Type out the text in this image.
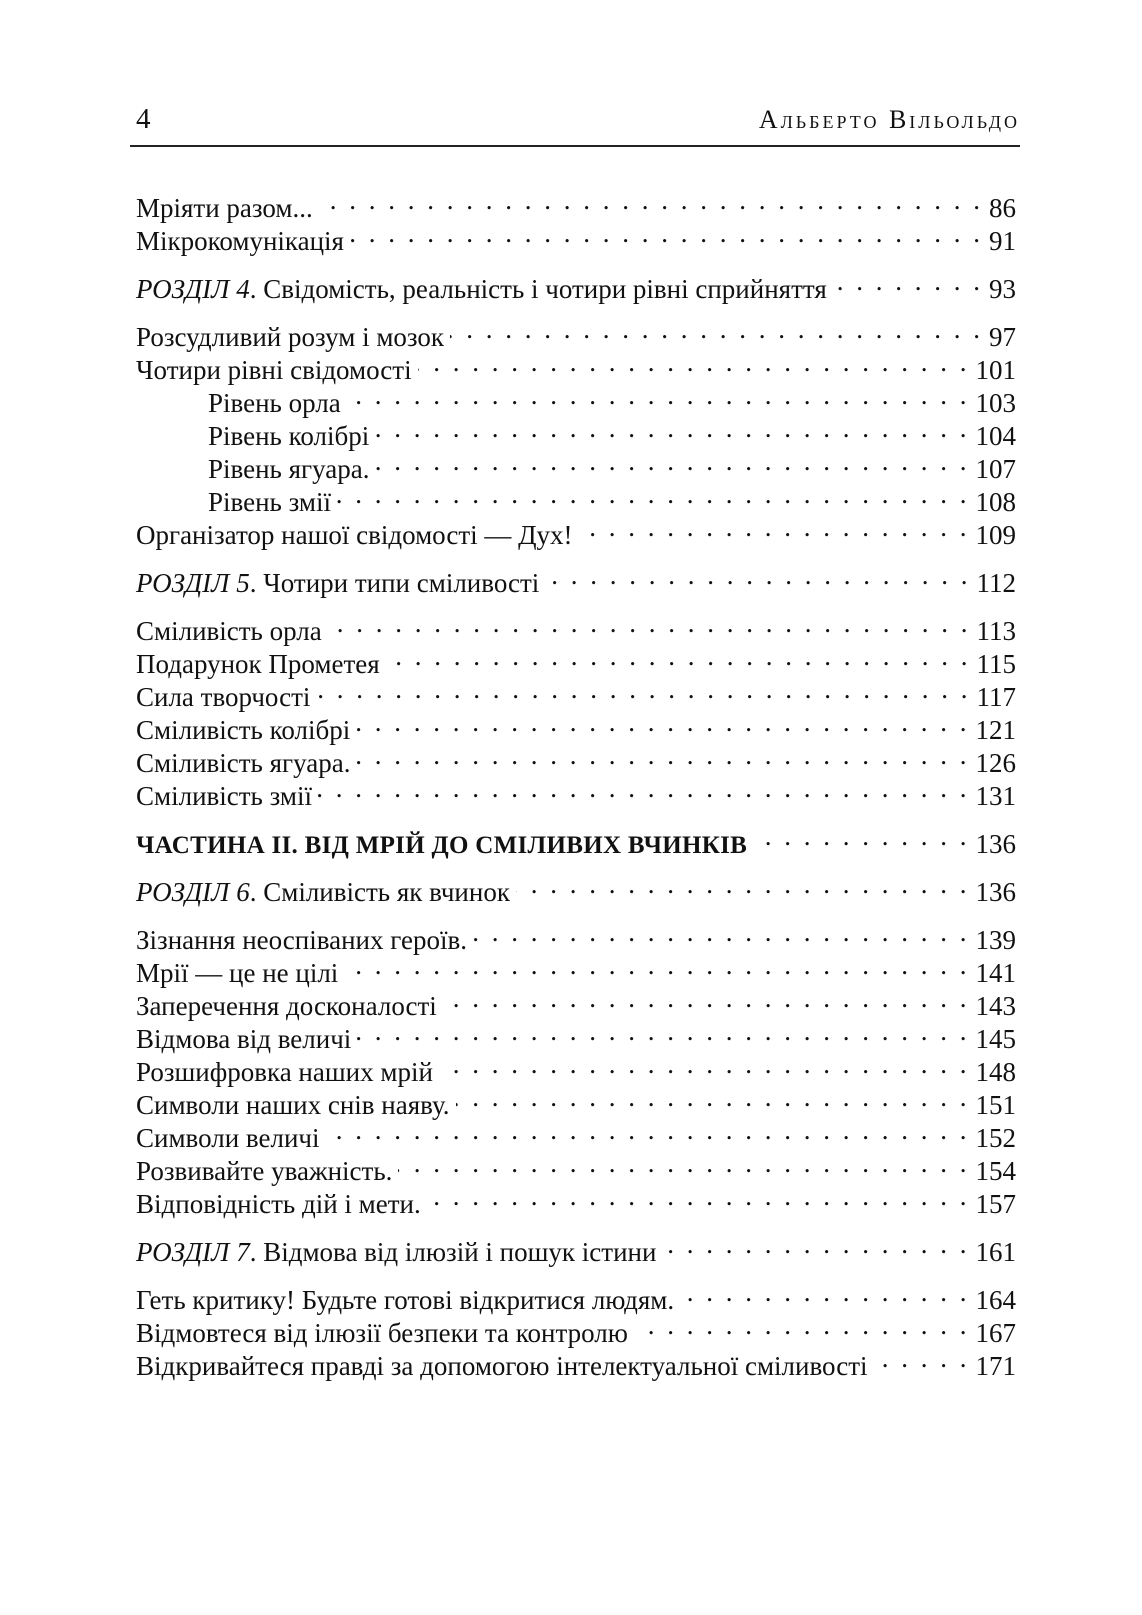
4	Альберто Вільольдо
Мріяти разом... . . .	86
Мікрокомунікація . . .	91
РОЗДІЛ 4. Свідомість, реальність і чотири рівні сприйняття . . .	93
Розсудливий розум і мозок . . .	97
Чотири рівні свідомості . . .	101
Рівень орла . . .	103
Рівень колібрі . . .	104
Рівень ягуара. . . .	107
Рівень змії . . .	108
Організатор нашої свідомості — Дух! . . .	109
РОЗДІЛ 5. Чотири типи сміливості . . .	112
Сміливість орла . . .	113
Подарунок Прометея . . .	115
Сила творчості . . .	117
Сміливість колібрі . . .	121
Сміливість ягуара. . . .	126
Сміливість змії . . .	131
ЧАСТИНА II. ВІД МРІЙ ДО СМІЛИВИХ ВЧИНКІВ . . .	136
РОЗДІЛ 6. Сміливість як вчинок . . .	136
Зізнання неоспіваних героїв. . . .	139
Мрії — це не цілі . . .	141
Заперечення досконалості . . .	143
Відмова від величі . . .	145
Розшифровка наших мрій . . .	148
Символи наших снів наяву. . . .	151
Символи величі . . .	152
Розвивайте уважність. . . .	154
Відповідність дій і мети. . . .	157
РОЗДІЛ 7. Відмова від ілюзій і пошук істини . . .	161
Геть критику! Будьте готові відкритися людям. . . .	164
Відмовтеся від ілюзії безпеки та контролю . . .	167
Відкривайтеся правді за допомогою інтелектуальної сміливості . . .	171
